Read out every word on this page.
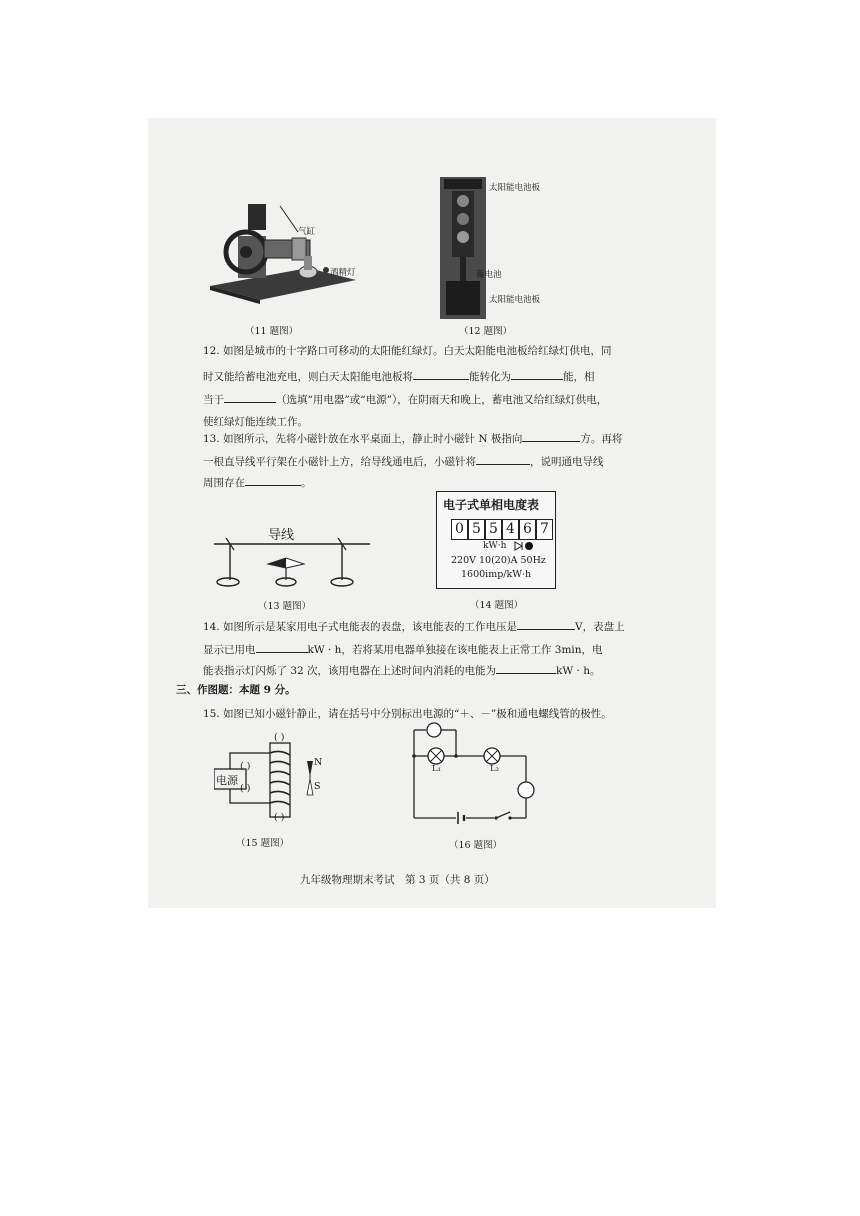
气缸
酒精灯
（11 题图）
太阳能电池板
蓄电池
太阳能电池板
（12 题图）
12. 如图是城市的十字路口可移动的太阳能红绿灯。白天太阳能电池板给红绿灯供电，同
时又能给蓄电池充电，则白天太阳能电池板将	能转化为	能，相
当于	（选填“用电器”或“电源”），在阴雨天和晚上，蓄电池又给红绿灯供电，
使红绿灯能连续工作。
13. 如图所示，先将小磁针放在水平桌面上，静止时小磁针 N 极指向	方。再将
一根直导线平行架在小磁针上方，给导线通电后，小磁针将	，说明通电导线
周围存在	。
导线
（13 题图）
电子式单相电度表
0 5 5 4 6 7
kW·h
220V 10(20)A 50Hz
1600imp/kW·h
（14 题图）
14. 如图所示是某家用电子式电能表的表盘，该电能表的工作电压是	V，表盘上
显示已用电	kW · h，若将某用电器单独接在该电能表上正常工作 3min，电
能表指示灯闪烁了 32 次，该用电器在上述时间内消耗的电能为	kW · h。
三、作图题：本题 9 分。
15. 如图已知小磁针静止，请在括号中分别标出电源的“＋、－”极和通电螺线管的极性。
电源
( )
( )
( )
( )
N
S
（15 题图）
L₁	L₂
（16 题图）
九年级物理期末考试　第 3 页（共 8 页）
